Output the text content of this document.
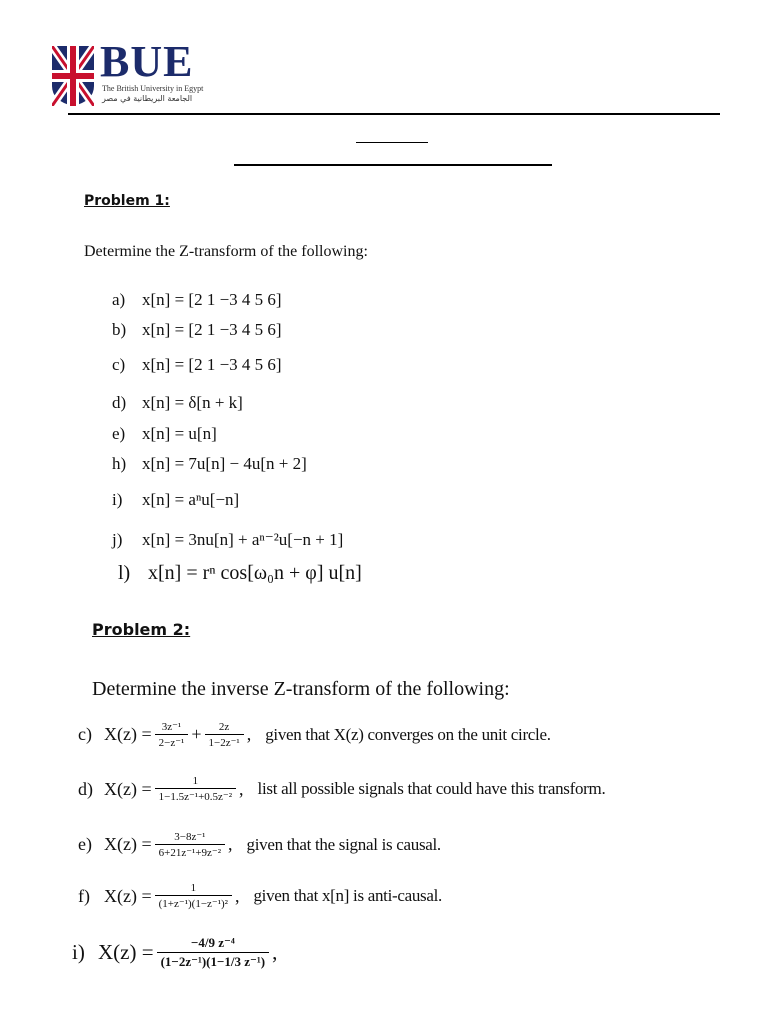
BUE
The British University in Egypt
الجامعة البريطانية في مصر
Problem 1:
Determine the Z-transform of the following:
a) x[n] = [2 1 −3 4 5 6]
b) x[n] = [2 1 −3 4 5 6]
c) x[n] = [2 1 −3 4 5 6]
d) x[n] = δ[n + k]
e) x[n] = u[n]
h) x[n] = 7u[n] − 4u[n + 2]
i) x[n] = aⁿu[−n]
j) x[n] = 3nu[n] + aⁿ⁻²u[−n + 1]
l) x[n] = rⁿ cos[ω₀n + φ] u[n]
Problem 2:
Determine the inverse Z-transform of the following:
c) $X(z) = \frac{\text{3z⁻¹}}{\text{2−z⁻¹}} + \frac{2z}{\text{1−2z⁻¹}}$ , given that X(z) converges on the unit circle.
d) $X(z) = \frac{1}{\text{1−1.5z⁻¹+0.5z⁻²}}$ , list all possible signals that could have this transform.
e) $X(z) = \frac{\text{3−8z⁻¹}}{\text{6+21z⁻¹+9z⁻²}}$ , given that the signal is causal.
f) $X(z) = \frac{1}{\text{(1+z⁻¹)(1−z⁻¹)²}}$ , given that x[n] is anti-causal.
i) $X(z) = \frac{\text{−4/9 z⁻⁴}}{\text{(1−2z⁻¹)(1−1/3 z⁻¹)}}$ ,
